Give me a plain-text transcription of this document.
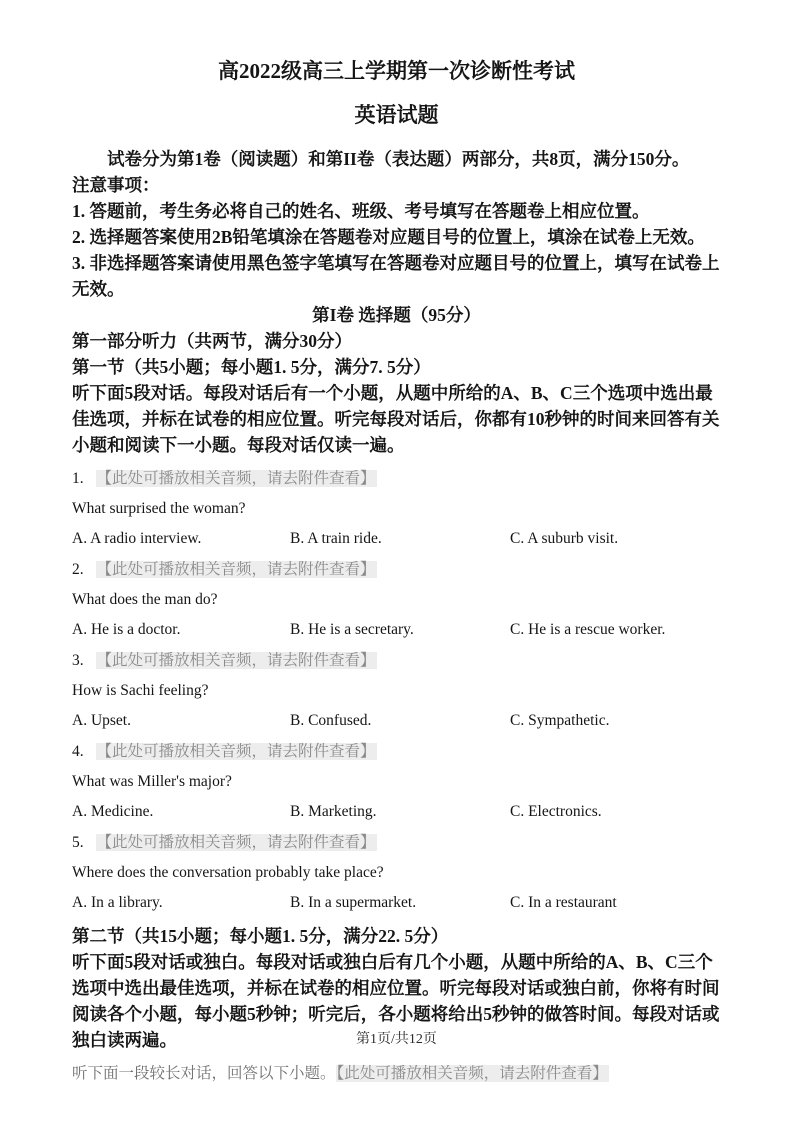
高2022级高三上学期第一次诊断性考试
英语试题

试卷分为第1卷（阅读题）和第II卷（表达题）两部分，共8页，满分150分。

注意事项：

1. 答题前，考生务必将自己的姓名、班级、考号填写在答题卷上相应位置。

2. 选择题答案使用2B铅笔填涂在答题卷对应题目号的位置上，填涂在试卷上无效。

3. 非选择题答案请使用黑色签字笔填写在答题卷对应题目号的位置上，填写在试卷上无效。

第I卷 选择题（95分）

第一部分听力（共两节，满分30分）

第一节（共5小题；每小题1. 5分，满分7. 5分）

听下面5段对话。每段对话后有一个小题，从题中所给的A、B、C三个选项中选出最佳选项，并标在试卷的相应位置。听完每段对话后，你都有10秒钟的时间来回答有关小题和阅读下一小题。每段对话仅读一遍。

1. 【此处可播放相关音频，请去附件查看】

What surprised the woman?

A. A radio interview.	B. A train ride.	C. A suburb visit.

2. 【此处可播放相关音频，请去附件查看】

What does the man do?

A. He is a doctor.	B. He is a secretary.	C. He is a rescue worker.

3. 【此处可播放相关音频，请去附件查看】

How is Sachi feeling?

A. Upset.	B. Confused.	C. Sympathetic.

4. 【此处可播放相关音频，请去附件查看】

What was Miller's major?

A. Medicine.	B. Marketing.	C. Electronics.

5. 【此处可播放相关音频，请去附件查看】

Where does the conversation probably take place?

A. In a library.	B. In a supermarket.	C. In a restaurant

第二节（共15小题；每小题1. 5分，满分22. 5分）

听下面5段对话或独白。每段对话或独白后有几个小题，从题中所给的A、B、C三个选项中选出最佳选项，并标在试卷的相应位置。听完每段对话或独白前，你将有时间阅读各个小题，每小题5秒钟；听完后，各小题将给出5秒钟的做答时间。每段对话或独白读两遍。

听下面一段较长对话，回答以下小题。【此处可播放相关音频，请去附件查看】

第1页/共12页
